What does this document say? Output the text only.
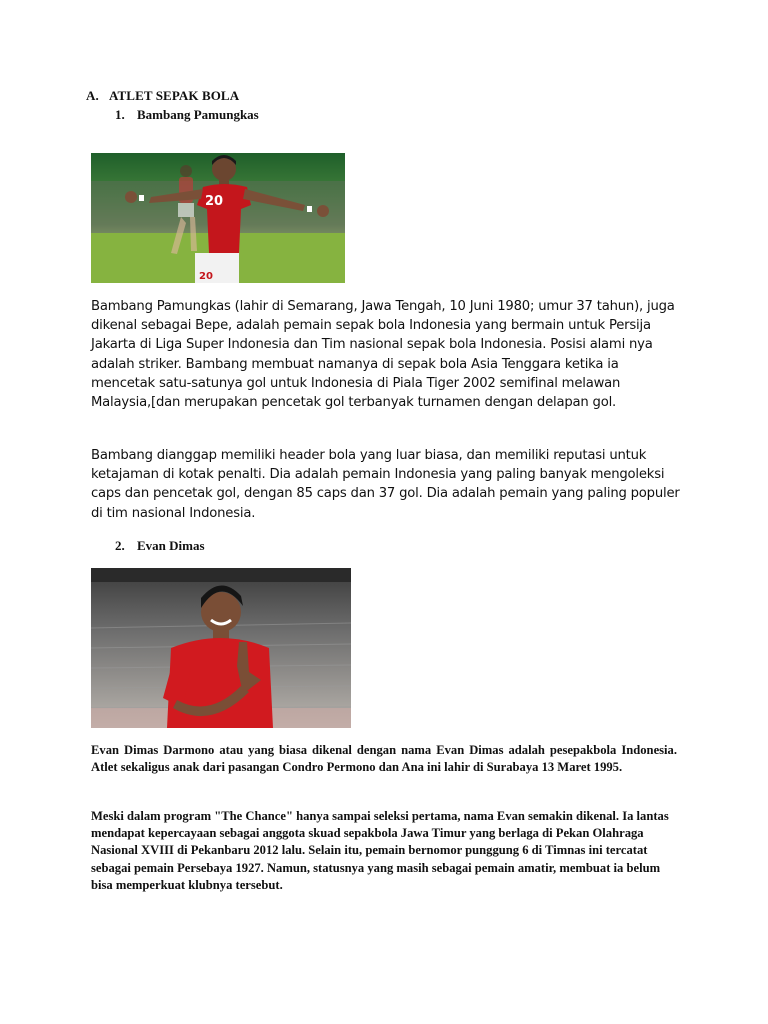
A. ATLET SEPAK BOLA
1. Bambang Pamungkas
20
20

Bambang Pamungkas (lahir di Semarang, Jawa Tengah, 10 Juni 1980; umur 37 tahun), juga dikenal sebagai Bepe, adalah pemain sepak bola Indonesia yang bermain untuk Persija Jakarta di Liga Super Indonesia dan Tim nasional sepak bola Indonesia. Posisi alami nya adalah striker. Bambang membuat namanya di sepak bola Asia Tenggara ketika ia mencetak satu-satunya gol untuk Indonesia di Piala Tiger 2002 semifinal melawan Malaysia,[dan merupakan pencetak gol terbanyak turnamen dengan delapan gol.

Bambang dianggap memiliki header bola yang luar biasa, dan memiliki reputasi untuk ketajaman di kotak penalti. Dia adalah pemain Indonesia yang paling banyak mengoleksi caps dan pencetak gol, dengan 85 caps dan 37 gol. Dia adalah pemain yang paling populer di tim nasional Indonesia.

2. Evan Dimas

Evan Dimas Darmono atau yang biasa dikenal dengan nama Evan Dimas adalah pesepakbola Indonesia. Atlet sekaligus anak dari pasangan Condro Permono dan Ana ini lahir di Surabaya 13 Maret 1995.

Meski dalam program "The Chance" hanya sampai seleksi pertama, nama Evan semakin dikenal. Ia lantas mendapat kepercayaan sebagai anggota skuad sepakbola Jawa Timur yang berlaga di Pekan Olahraga Nasional XVIII di Pekanbaru 2012 lalu. Selain itu, pemain bernomor punggung 6 di Timnas ini tercatat sebagai pemain Persebaya 1927. Namun, statusnya yang masih sebagai pemain amatir, membuat ia belum bisa memperkuat klubnya tersebut.
